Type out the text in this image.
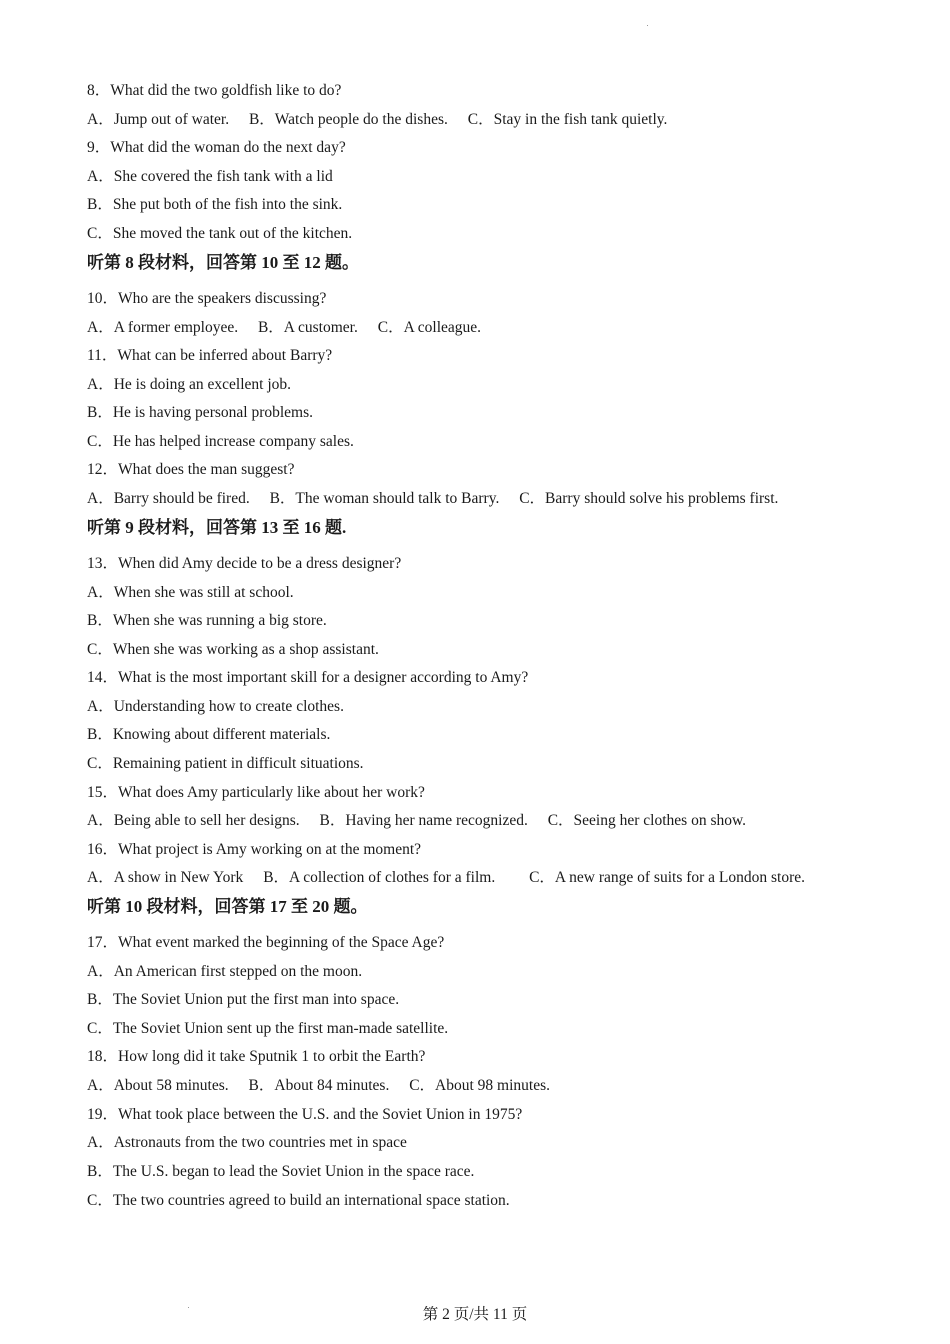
8．What did the two goldfish like to do?
A．Jump out of water. B．Watch people do the dishes. C．Stay in the fish tank quietly.
9．What did the woman do the next day?
A．She covered the fish tank with a lid
B．She put both of the fish into the sink.
C．She moved the tank out of the kitchen.
听第 8 段材料，回答第 10 至 12 题。
10．Who are the speakers discussing?
A．A former employee. B．A customer. C．A colleague.
11．What can be inferred about Barry?
A．He is doing an excellent job.
B．He is having personal problems.
C．He has helped increase company sales.
12．What does the man suggest?
A．Barry should be fired. B．The woman should talk to Barry. C．Barry should solve his problems first.
听第 9 段材料，回答第 13 至 16 题.
13．When did Amy decide to be a dress designer?
A．When she was still at school.
B．When she was running a big store.
C．When she was working as a shop assistant.
14．What is the most important skill for a designer according to Amy?
A．Understanding how to create clothes.
B．Knowing about different materials.
C．Remaining patient in difficult situations.
15．What does Amy particularly like about her work?
A．Being able to sell her designs. B．Having her name recognized. C．Seeing her clothes on show.
16．What project is Amy working on at the moment?
A．A show in New York B．A collection of clothes for a film. C．A new range of suits for a London store.
听第 10 段材料，回答第 17 至 20 题。
17．What event marked the beginning of the Space Age?
A．An American first stepped on the moon.
B．The Soviet Union put the first man into space.
C．The Soviet Union sent up the first man-made satellite.
18．How long did it take Sputnik 1 to orbit the Earth?
A．About 58 minutes. B．About 84 minutes. C．About 98 minutes.
19．What took place between the U.S. and the Soviet Union in 1975?
A．Astronauts from the two countries met in space
B．The U.S. began to lead the Soviet Union in the space race.
C．The two countries agreed to build an international space station.
第 2 页/共 11 页
